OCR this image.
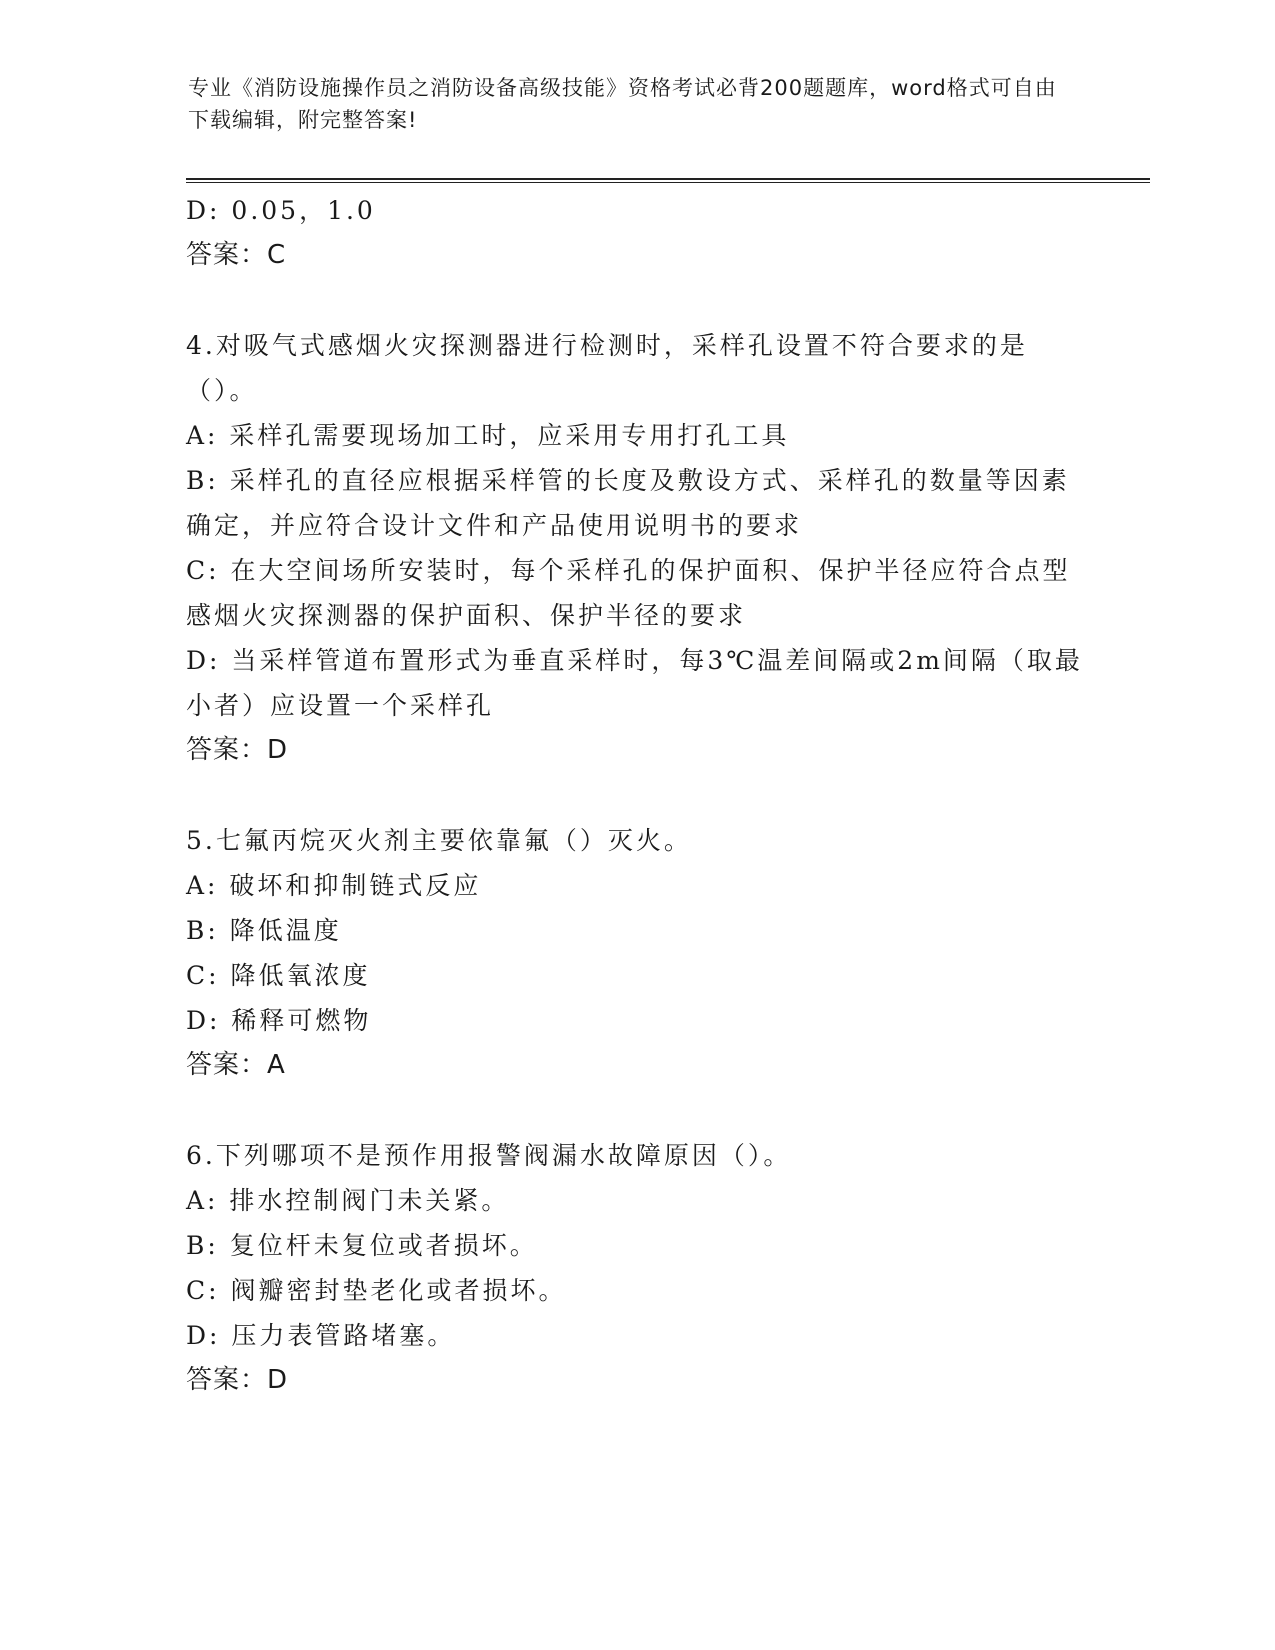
专业《消防设施操作员之消防设备高级技能》资格考试必背200题题库，word格式可自由下载编辑，附完整答案!

D: 0.05，1.0

答案：C

4.对吸气式感烟火灾探测器进行检测时，采样孔设置不符合要求的是（）。

A: 采样孔需要现场加工时，应采用专用打孔工具

B: 采样孔的直径应根据采样管的长度及敷设方式、采样孔的数量等因素确定，并应符合设计文件和产品使用说明书的要求

C: 在大空间场所安装时，每个采样孔的保护面积、保护半径应符合点型感烟火灾探测器的保护面积、保护半径的要求

D: 当采样管道布置形式为垂直采样时，每3℃温差间隔或2m间隔（取最小者）应设置一个采样孔

答案：D

5.七氟丙烷灭火剂主要依靠氟（）灭火。

A: 破坏和抑制链式反应

B: 降低温度

C: 降低氧浓度

D: 稀释可燃物

答案：A

6.下列哪项不是预作用报警阀漏水故障原因（）。

A: 排水控制阀门未关紧。

B: 复位杆未复位或者损坏。

C: 阀瓣密封垫老化或者损坏。

D: 压力表管路堵塞。

答案：D
